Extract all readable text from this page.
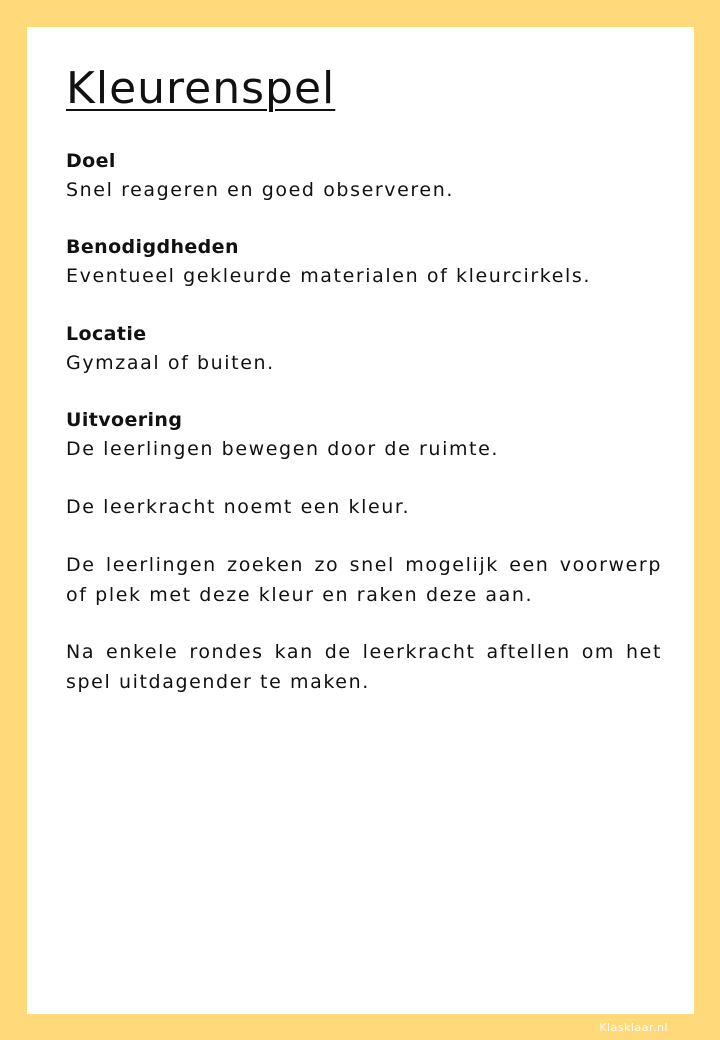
Kleurenspel
Doel

Snel reageren en goed observeren.

Benodigdheden

Eventueel gekleurde materialen of kleurcirkels.

Locatie

Gymzaal of buiten.

Uitvoering

De leerlingen bewegen door de ruimte.

De leerkracht noemt een kleur.

De leerlingen zoeken zo snel mogelijk een voorwerp of plek met deze kleur en raken deze aan.

Na enkele rondes kan de leerkracht aftellen om het spel uitdagender te maken.

Klasklaar.nl
